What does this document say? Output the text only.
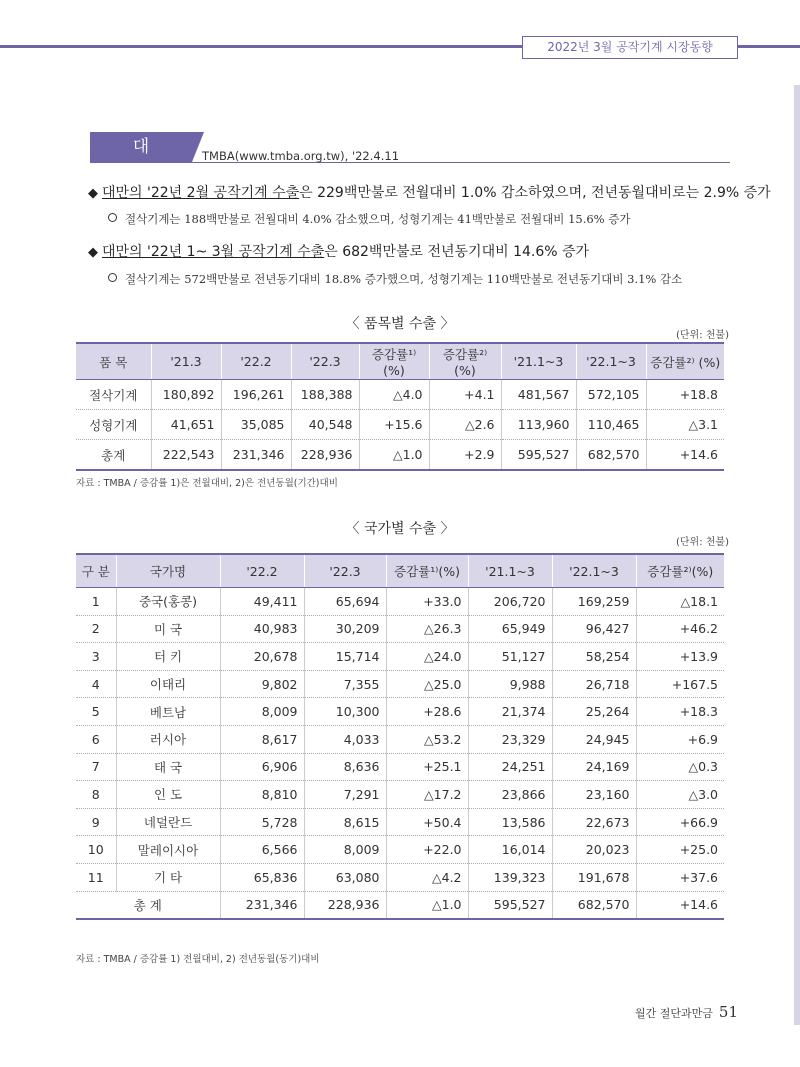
2022년 3월 공작기계 시장동향
대 만
TMBA(www.tmba.org.tw), '22.4.11
◆ 대만의 '22년 2월 공작기계 수출은 229백만불로 전월대비 1.0% 감소하였으며, 전년동월대비로는 2.9% 증가
절삭기계는 188백만불로 전월대비 4.0% 감소했으며, 성형기계는 41백만불로 전월대비 15.6% 증가
◆ 대만의 '22년 1~ 3월 공작기계 수출은 682백만불로 전년동기대비 14.6% 증가
절삭기계는 572백만불로 전년동기대비 18.8% 증가했으며, 성형기계는 110백만불로 전년동기대비 3.1% 감소
〈 품목별 수출 〉
(단위: 천불)
품 목	'21.3	'22.2	'22.3	증감률¹⁾ (%)	증감률²⁾ (%)	'21.1~3	'22.1~3	증감률²⁾ (%)
절삭기계	180,892	196,261	188,388	△4.0	+4.1	481,567	572,105	+18.8
성형기계	41,651	35,085	40,548	+15.6	△2.6	113,960	110,465	△3.1
총계	222,543	231,346	228,936	△1.0	+2.9	595,527	682,570	+14.6
자료 : TMBA / 증감률 1)은 전월대비, 2)은 전년동월(기간)대비
〈 국가별 수출 〉
(단위: 천불)
구 분	국가명	'22.2	'22.3	증감률¹⁾(%)	'21.1~3	'22.1~3	증감률²⁾(%)
1	중국(홍콩)	49,411	65,694	+33.0	206,720	169,259	△18.1
2	미 국	40,983	30,209	△26.3	65,949	96,427	+46.2
3	터 키	20,678	15,714	△24.0	51,127	58,254	+13.9
4	이태리	9,802	7,355	△25.0	9,988	26,718	+167.5
5	베트남	8,009	10,300	+28.6	21,374	25,264	+18.3
6	러시아	8,617	4,033	△53.2	23,329	24,945	+6.9
7	태 국	6,906	8,636	+25.1	24,251	24,169	△0.3
8	인 도	8,810	7,291	△17.2	23,866	23,160	△3.0
9	네덜란드	5,728	8,615	+50.4	13,586	22,673	+66.9
10	말레이시아	6,566	8,009	+22.0	16,014	20,023	+25.0
11	기 타	65,836	63,080	△4.2	139,323	191,678	+37.6
총 계		231,346	228,936	△1.0	595,527	682,570	+14.6
자료 : TMBA / 증감률 1) 전월대비, 2) 전년동월(동기)대비
월간 절단과만금 51
